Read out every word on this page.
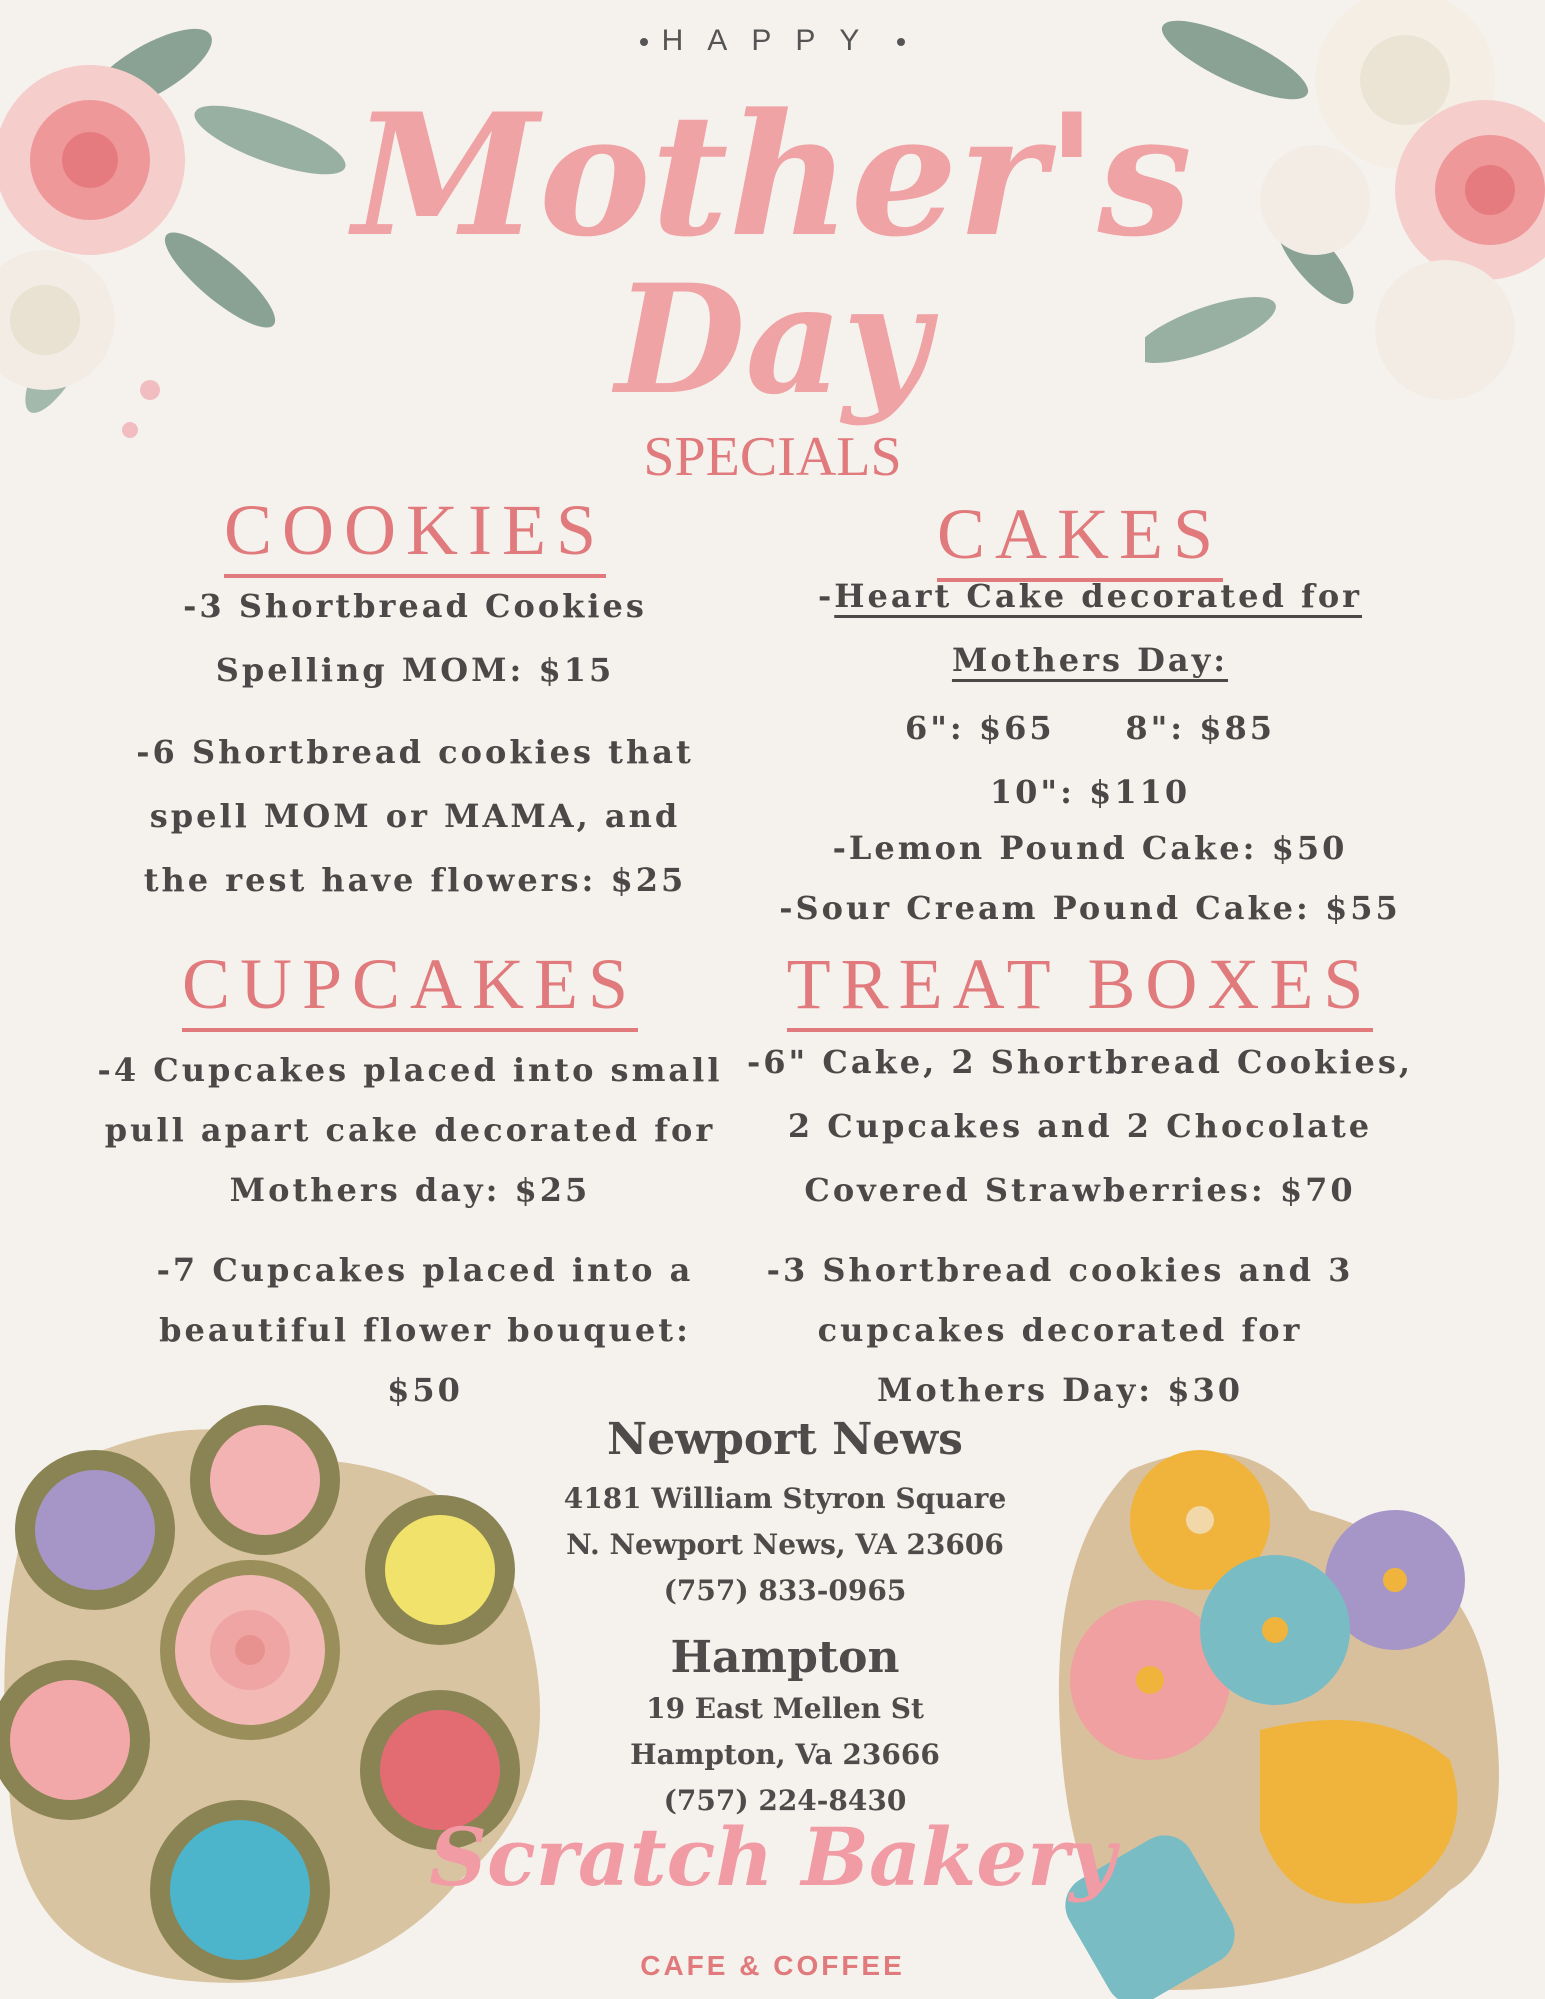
HAPPY
Mother's
Day
SPECIALS
COOKIES
-3 Shortbread Cookies
Spelling MOM: $15
-6 Shortbread cookies that
spell MOM or MAMA, and
the rest have flowers: $25
CAKES
-Heart Cake decorated for
Mothers Day:
6": $65     8": $85
10": $110
-Lemon Pound Cake: $50
-Sour Cream Pound Cake: $55
CUPCAKES
-4 Cupcakes placed into small
pull apart cake decorated for
Mothers day: $25
-7 Cupcakes placed into a
beautiful flower bouquet:
$50
TREAT BOXES
-6" Cake, 2 Shortbread Cookies,
2 Cupcakes and 2 Chocolate
Covered Strawberries: $70
-3 Shortbread cookies and 3
cupcakes decorated for
Mothers Day: $30
Newport News
4181 William Styron Square
N. Newport News, VA 23606
(757) 833-0965
Hampton
19 East Mellen St
Hampton, Va 23666
(757) 224-8430
Scratch Bakery
CAFE & COFFEE
